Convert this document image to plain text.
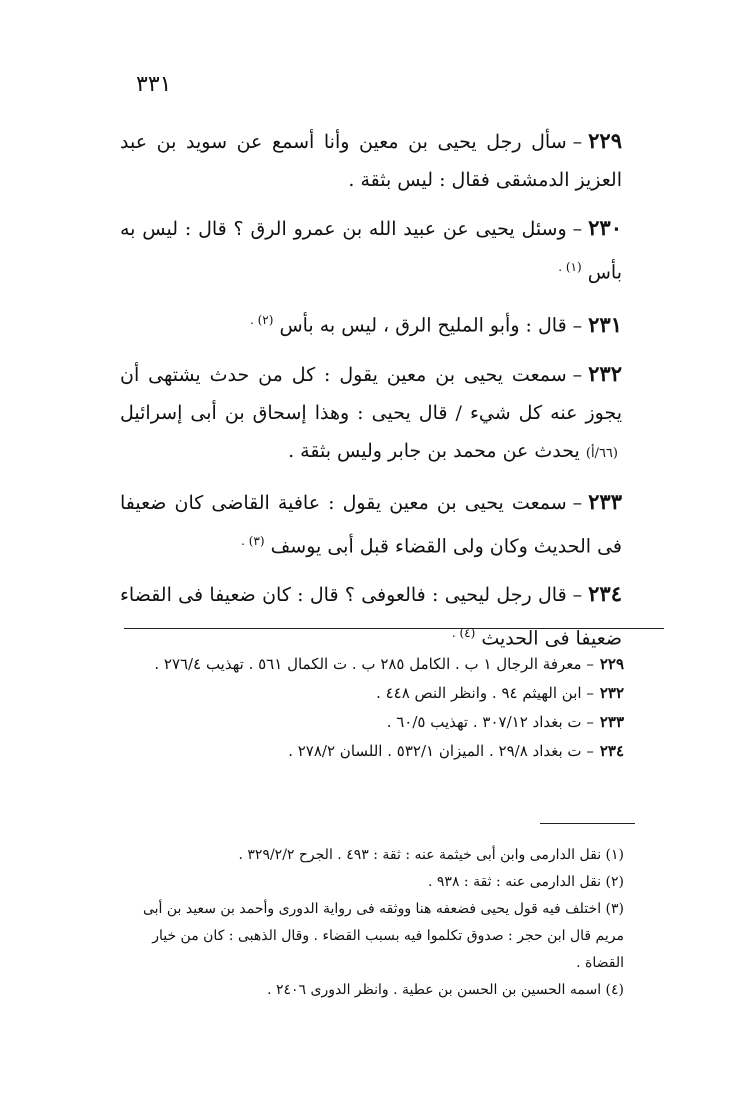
٣٣١

٢٢٩–سأل رجل يحيى بن معين وأنا أسمع عن سويد بن عبد العزيز الدمشقى فقال : ليس بثقة .

٢٣٠–وسئل يحيى عن عبيد الله بن عمرو الرق ؟ قال : ليس به بأس $^{(١) .}$

٢٣١–قال : وأبو المليح الرق ، ليس به بأس $^{(٢) .}$

٢٣٢–سمعت يحيى بن معين يقول : كل من حدث يشتهى أن يجوز عنه كل شيء / قال يحيى : وهذا إسحاق بن أبى إسرائيل (٦٦/أ) يحدث عن محمد بن جابر وليس بثقة .

٢٣٣–سمعت يحيى بن معين يقول : عافية القاضى كان ضعيفا فى الحديث وكان ولى القضاء قبل أبى يوسف $^{(٣) .}$

٢٣٤–قال رجل ليحيى : فالعوفى ؟ قال : كان ضعيفا فى القضاء ضعيفا فى الحديث $^{(٤) .}$

٢٢٩– معرفة الرجال ١ ب . الكامل ٢٨٥ ب . ت الكمال ٥٦١ . تهذيب ٢٧٦/٤ .

٢٣٢– ابن الهيثم ٩٤ . وانظر النص ٤٤٨ .

٢٣٣– ت بغداد ٣٠٧/١٢ . تهذيب ٦٠/٥ .

٢٣٤– ت بغداد ٢٩/٨ . الميزان ٥٣٢/١ . اللسان ٢٧٨/٢ .

(١) نقل الدارمى وابن أبى خيثمة عنه : ثقة : ٤٩٣ . الجرح ٣٢٩/٢/٢ .

(٢) نقل الدارمى عنه : ثقة : ٩٣٨ .

(٣) اختلف فيه قول يحيى فضعفه هنا ووثقه فى رواية الدورى وأحمد بن سعيد بن أبى مريم قال ابن حجر : صدوق تكلموا فيه بسبب القضاء . وقال الذهبى : كان من خيار القضاة .

(٤) اسمه الحسين بن الحسن بن عطية . وانظر الدورى ٢٤٠٦ .
